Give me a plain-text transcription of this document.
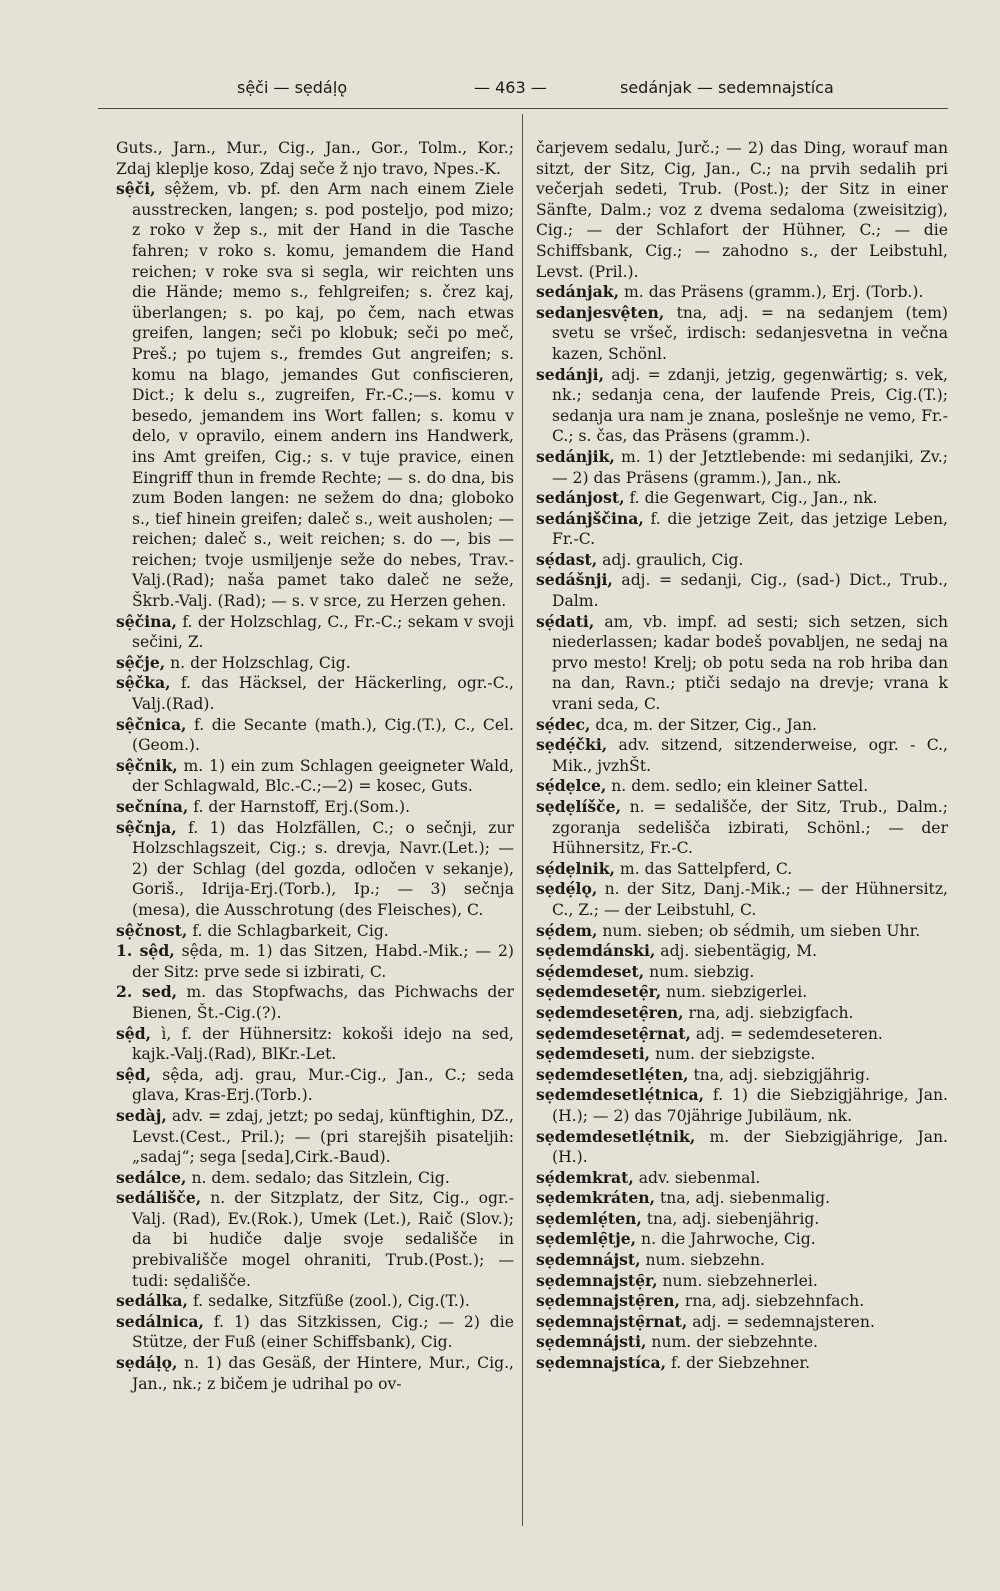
sệči — sẹdáḷǫ	— 463 —	sedánjak — sedemnajstíca

Guts., Jarn., Mur., Cig., Jan., Gor., Tolm., Kor.; Zdaj kleplje koso, Zdaj seče ž njo travo, Npes.-K.

sệči, sệžem, vb. pf. den Arm nach einem Ziele ausstrecken, langen; s. pod posteljo, pod mizo; z roko v žep s., mit der Hand in die Tasche fahren; v roko s. komu, jemandem die Hand reichen; v roke sva si segla, wir reichten uns die Hände; memo s., fehlgreifen; s. črez kaj, überlangen; s. po kaj, po čem, nach etwas greifen, langen; seči po klobuk; seči po meč, Preš.; po tujem s., fremdes Gut angreifen; s. komu na blago, jemandes Gut confiscieren, Dict.; k delu s., zugreifen, Fr.-C.;—s. komu v besedo, jemandem ins Wort fallen; s. komu v delo, v opravilo, einem andern ins Handwerk, ins Amt greifen, Cig.; s. v tuje pravice, einen Eingriff thun in fremde Rechte; — s. do dna, bis zum Boden langen: ne sežem do dna; globoko s., tief hinein greifen; daleč s., weit ausholen; — reichen; daleč s., weit reichen; s. do —, bis — reichen; tvoje usmiljenje seže do nebes, Trav.-Valj.(Rad); naša pamet tako daleč ne seže, Škrb.-Valj. (Rad); — s. v srce, zu Herzen gehen.

sệčina, f. der Holzschlag, C., Fr.-C.; sekam v svoji sečini, Z.

sệčje, n. der Holzschlag, Cig.

sệčka, f. das Häcksel, der Häckerling, ogr.-C., Valj.(Rad).

sệčnica, f. die Secante (math.), Cig.(T.), C., Cel.(Geom.).

sệčnik, m. 1) ein zum Schlagen geeigneter Wald, der Schlagwald, Blc.-C.;—2) = kosec, Guts.

sečnína, f. der Harnstoff, Erj.(Som.).

sệčnja, f. 1) das Holzfällen, C.; o sečnji, zur Holzschlagszeit, Cig.; s. drevja, Navr.(Let.); — 2) der Schlag (del gozda, odločen v sekanje), Goriš., Idrija-Erj.(Torb.), Ip.; — 3) sečnja (mesa), die Ausschrotung (des Fleisches), C.

sệčnost, f. die Schlagbarkeit, Cig.

1. sệd, sệda, m. 1) das Sitzen, Habd.-Mik.; — 2) der Sitz: prve sede si izbirati, C.

2. sed, m. das Stopfwachs, das Pichwachs der Bienen, Št.-Cig.(?).

sệd, ì, f. der Hühnersitz: kokoši idejo na sed, kajk.-Valj.(Rad), BlKr.-Let.

sệd, sệda, adj. grau, Mur.-Cig., Jan., C.; seda glava, Kras-Erj.(Torb.).

sedàj, adv. = zdaj, jetzt; po sedaj, künftighin, DZ., Levst.(Cest., Pril.); — (pri starejših pisateljih: „sadaj“; sega [seda],Cirk.-Baud).

sedálce, n. dem. sedalo; das Sitzlein, Cig.

sedálišče, n. der Sitzplatz, der Sitz, Cig., ogr.-Valj. (Rad), Ev.(Rok.), Umek (Let.), Raič (Slov.); da bi hudiče dalje svoje sedališče in prebivališče mogel ohraniti, Trub.(Post.); — tudi: sẹdališče.

sedálka, f. sedalke, Sitzfüße (zool.), Cig.(T.).

sedálnica, f. 1) das Sitzkissen, Cig.; — 2) die Stütze, der Fuß (einer Schiffsbank), Cig.

sẹdáḷǫ, n. 1) das Gesäß, der Hintere, Mur., Cig., Jan., nk.; z bičem je udrihal po ov-

čarjevem sedalu, Jurč.; — 2) das Ding, worauf man sitzt, der Sitz, Cig, Jan., C.; na prvih sedalih pri večerjah sedeti, Trub. (Post.); der Sitz in einer Sänfte, Dalm.; voz z dvema sedaloma (zweisitzig), Cig.; — der Schlafort der Hühner, C.; — die Schiffsbank, Cig.; — zahodno s., der Leibstuhl, Levst. (Pril.).

sedánjak, m. das Präsens (gramm.), Erj. (Torb.).

sedanjesvệten, tna, adj. = na sedanjem (tem) svetu se vršeč, irdisch: sedanjesvetna in večna kazen, Schönl.

sedánji, adj. = zdanji, jetzig, gegenwärtig; s. vek, nk.; sedanja cena, der laufende Preis, Cig.(T.); sedanja ura nam je znana, poslešnje ne vemo, Fr.-C.; s. čas, das Präsens (gramm.).

sedánjik, m. 1) der Jetztlebende: mi sedanjiki, Zv.; — 2) das Präsens (gramm.), Jan., nk.

sedánjost, f. die Gegenwart, Cig., Jan., nk.

sedánjščina, f. die jetzige Zeit, das jetzige Leben, Fr.-C.

sẹ́dast, adj. graulich, Cig.

sedášnji, adj. = sedanji, Cig., (sad-) Dict., Trub., Dalm.

sẹ́dati, am, vb. impf. ad sesti; sich setzen, sich niederlassen; kadar bodeš povabljen, ne sedaj na prvo mesto! Krelj; ob potu seda na rob hriba dan na dan, Ravn.; ptiči sedajo na drevje; vrana k vrani seda, C.

sẹ́dec, dca, m. der Sitzer, Cig., Jan.

sẹdẹ́čki, adv. sitzend, sitzenderweise, ogr. - C., Mik., jvzhŠt.

sẹ́dẹlce, n. dem. sedlo; ein kleiner Sattel.

sẹdẹlíšče, n. = sedališče, der Sitz, Trub., Dalm.; zgoranja sedelišča izbirati, Schönl.; — der Hühnersitz, Fr.-C.

sẹ́dẹlnik, m. das Sattelpferd, C.

sẹdẹ́lǫ, n. der Sitz, Danj.-Mik.; — der Hühnersitz, C., Z.; — der Leibstuhl, C.

sẹ́dem, num. sieben; ob sédmih, um sieben Uhr.

sẹdemdánski, adj. siebentägig, M.

sẹ́demdeset, num. siebzig.

sẹdemdesetẹ̑r, num. siebzigerlei.

sẹdemdesetẹ̑ren, rna, adj. siebzigfach.

sẹdemdesetẹ̑rnat, adj. = sedemdeseteren.

sẹdemdeseti, num. der siebzigste.

sẹdemdesetlẹ́ten, tna, adj. siebzigjährig.

sẹdemdesetlẹ́tnica, f. 1) die Siebzigjährige, Jan. (H.); — 2) das 70jährige Jubiläum, nk.

sẹdemdesetlẹ́tnik, m. der Siebzigjährige, Jan. (H.).

sẹ́demkrat, adv. siebenmal.

sẹdemkráten, tna, adj. siebenmalig.

sẹdemlẹ́ten, tna, adj. siebenjährig.

sẹdemlẹ̑tje, n. die Jahrwoche, Cig.

sẹdemnájst, num. siebzehn.

sẹdemnajstẹ̑r, num. siebzehnerlei.

sẹdemnajstẹ̑ren, rna, adj. siebzehnfach.

sẹdemnajstẹ̑rnat, adj. = sedemnajsteren.

sẹdemnájsti, num. der siebzehnte.

sẹdemnajstíca, f. der Siebzehner.
